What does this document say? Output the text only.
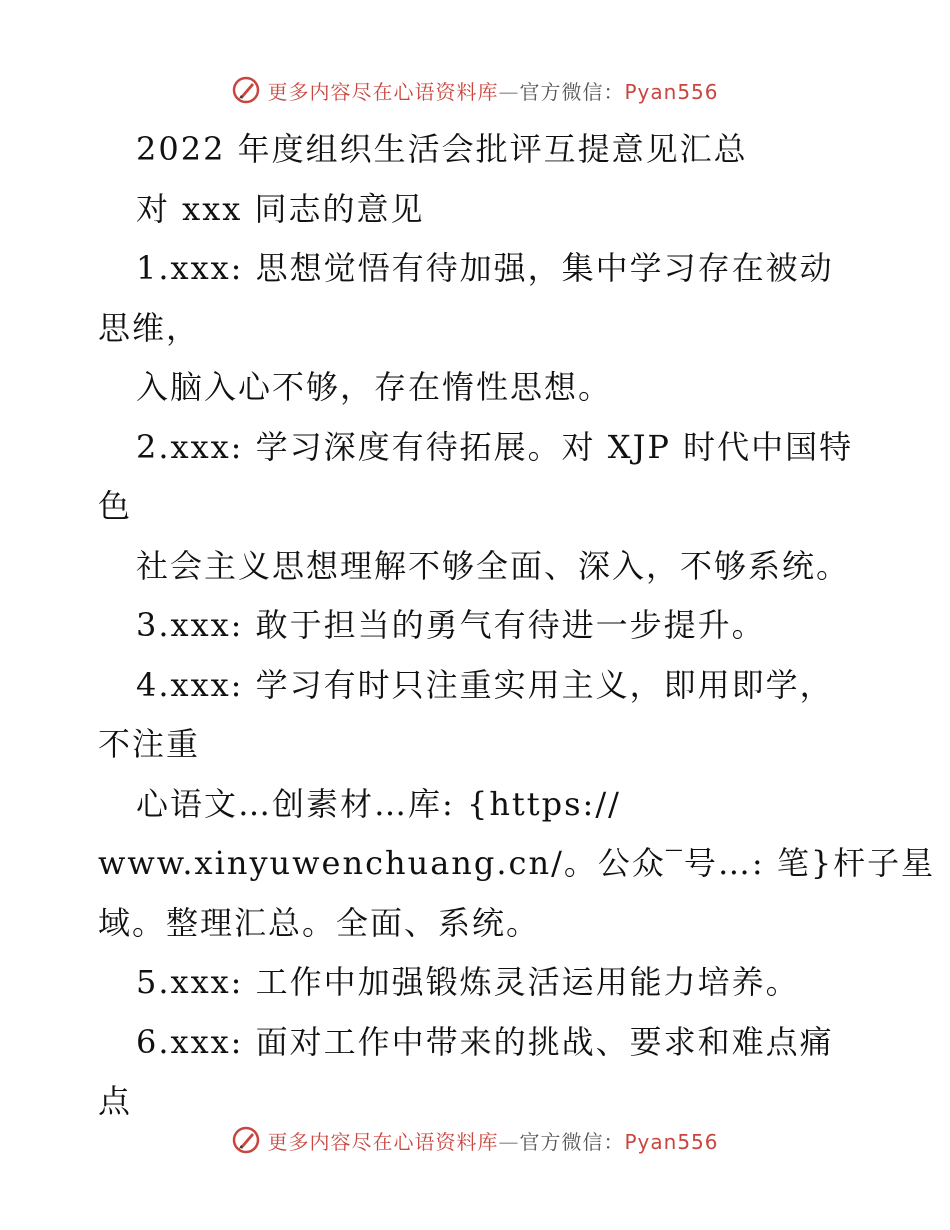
更多内容尽在心语资料库—官方微信：Pyan556
2022 年度组织生活会批评互提意见汇总
对 xxx 同志的意见
1.xxx: 思想觉悟有待加强，集中学习存在被动
思维，
入脑入心不够，存在惰性思想。
2.xxx: 学习深度有待拓展。对 XJP 时代中国特
色
社会主义思想理解不够全面、深入，不够系统。
3.xxx: 敢于担当的勇气有待进一步提升。
4.xxx: 学习有时只注重实用主义，即用即学，
不注重
心语文…创素材…库: {https://
www.xinyuwenchuang.cn/。公众‾号…: 笔}杆子星
域。整理汇总。全面、系统。
5.xxx: 工作中加强锻炼灵活运用能力培养。
6.xxx: 面对工作中带来的挑战、要求和难点痛
点
更多内容尽在心语资料库—官方微信：Pyan556
